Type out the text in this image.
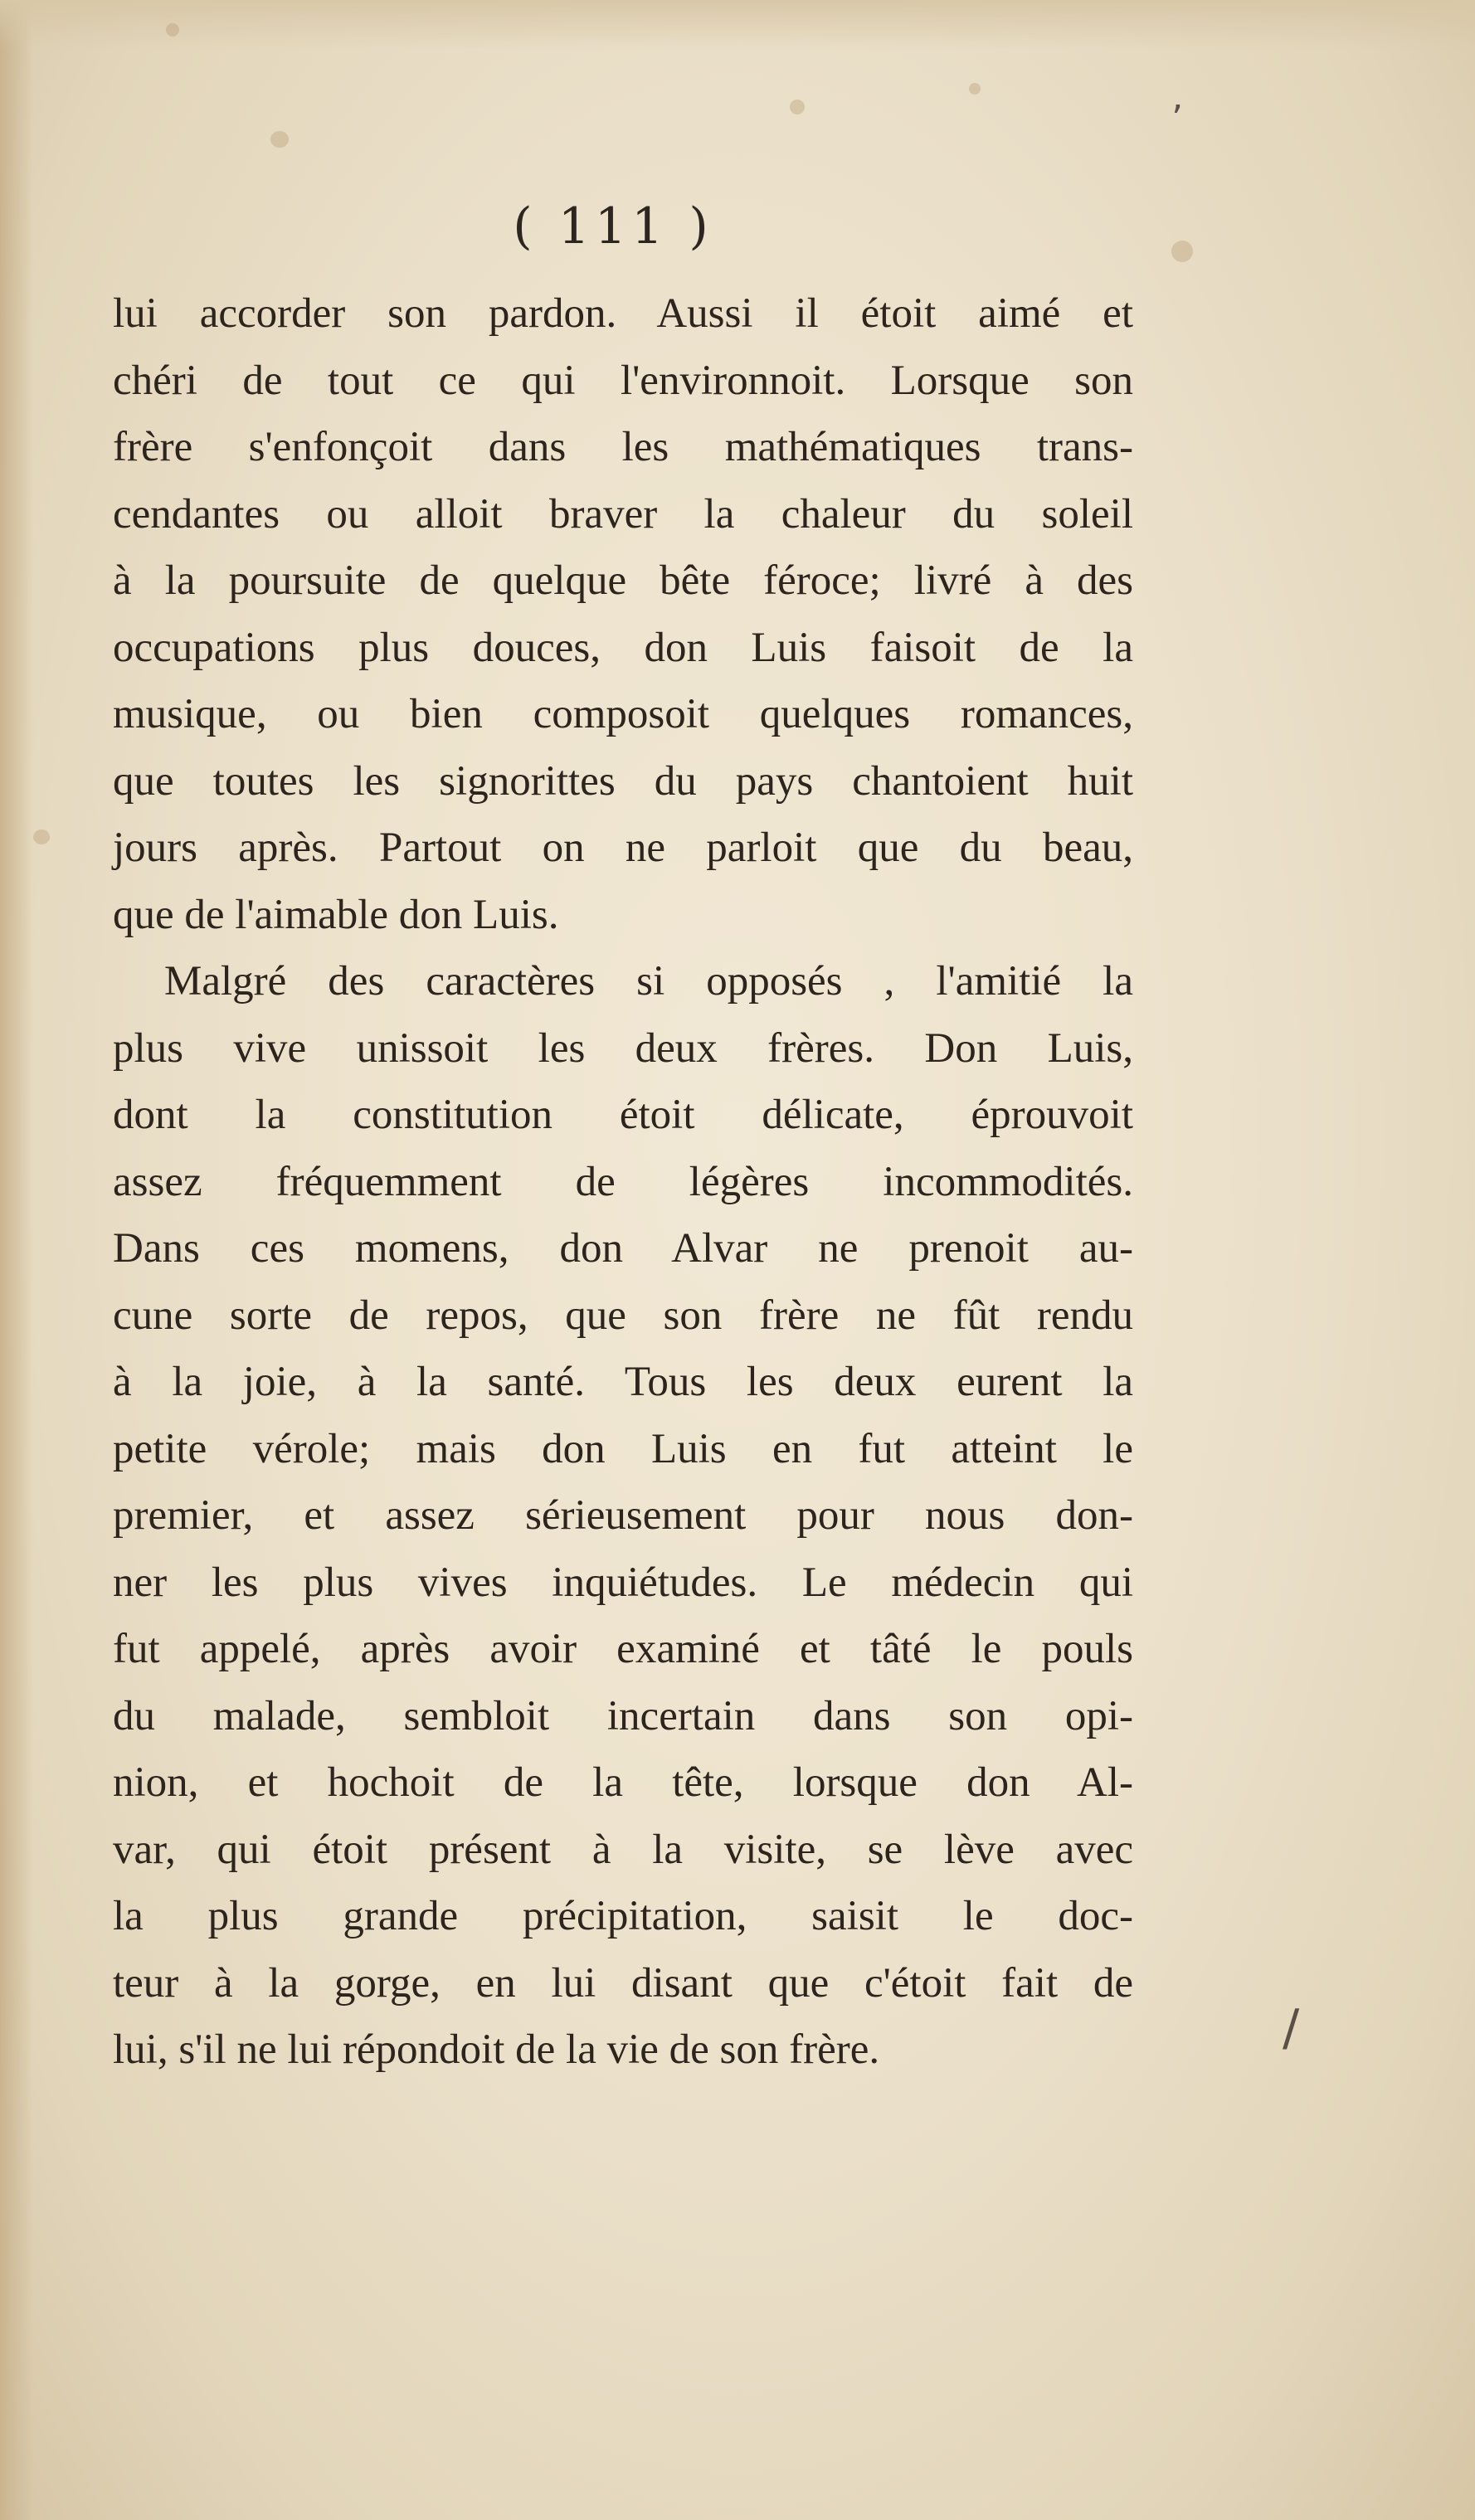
ʼ
/
( 111 )
lui accorder son pardon. Aussi il étoit aimé et
chéri de tout ce qui l'environnoit. Lorsque son
frère s'enfonçoit dans les mathématiques trans-
cendantes ou alloit braver la chaleur du soleil
à la poursuite de quelque bête féroce; livré à des
occupations plus douces, don Luis faisoit de la
musique, ou bien composoit quelques romances,
que toutes les signorittes du pays chantoient huit
jours après. Partout on ne parloit que du beau,
que de l'aimable don Luis.
Malgré des caractères si opposés , l'amitié la
plus vive unissoit les deux frères. Don Luis,
dont la constitution étoit délicate, éprouvoit
assez fréquemment de légères incommodités.
Dans ces momens, don Alvar ne prenoit au-
cune sorte de repos, que son frère ne fût rendu
à la joie, à la santé. Tous les deux eurent la
petite vérole; mais don Luis en fut atteint le
premier, et assez sérieusement pour nous don-
ner les plus vives inquiétudes. Le médecin qui
fut appelé, après avoir examiné et tâté le pouls
du malade, sembloit incertain dans son opi-
nion, et hochoit de la tête, lorsque don Al-
var, qui étoit présent à la visite, se lève avec
la plus grande précipitation, saisit le doc-
teur à la gorge, en lui disant que c'étoit fait de
lui, s'il ne lui répondoit de la vie de son frère.
